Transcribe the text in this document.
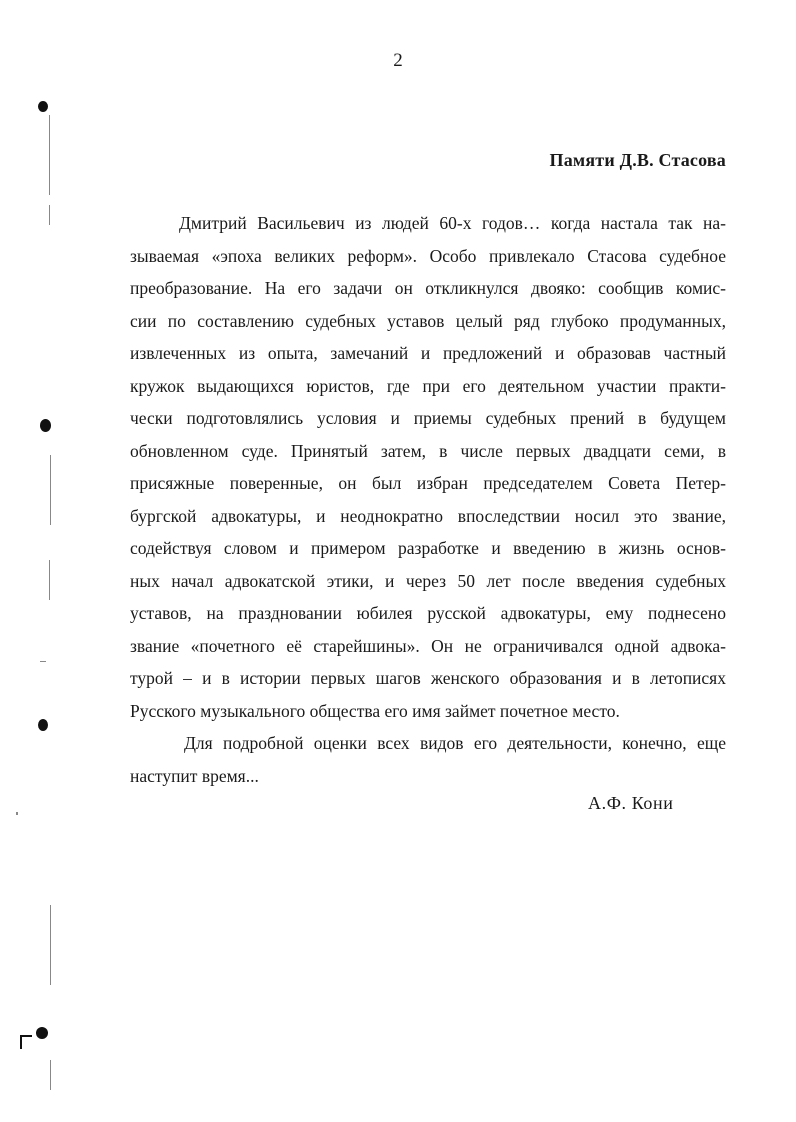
2
Памяти Д.В. Стасова
Дмитрий Васильевич из людей 60-х годов… когда настала так на-
зываемая «эпоха великих реформ». Особо привлекало Стасова судебное
преобразование. На его задачи он откликнулся двояко: сообщив комис-
сии по составлению судебных уставов целый ряд глубоко продуманных,
извлеченных из опыта, замечаний и предложений и образовав частный
кружок выдающихся юристов, где при его деятельном участии практи-
чески подготовлялись условия и приемы судебных прений в будущем
обновленном суде. Принятый затем, в числе первых двадцати семи, в
присяжные поверенные, он был избран председателем Совета Петер-
бургской адвокатуры, и неоднократно впоследствии носил это звание,
содействуя словом и примером разработке и введению в жизнь основ-
ных начал адвокатской этики, и через 50 лет после введения судебных
уставов, на праздновании юбилея русской адвокатуры, ему поднесено
звание «почетного её старейшины». Он не ограничивался одной адвока-
турой – и в истории первых шагов женского образования и в летописях
Русского музыкального общества его имя займет почетное место.
Для подробной оценки всех видов его деятельности, конечно, еще
наступит время...
А.Ф. Кони
